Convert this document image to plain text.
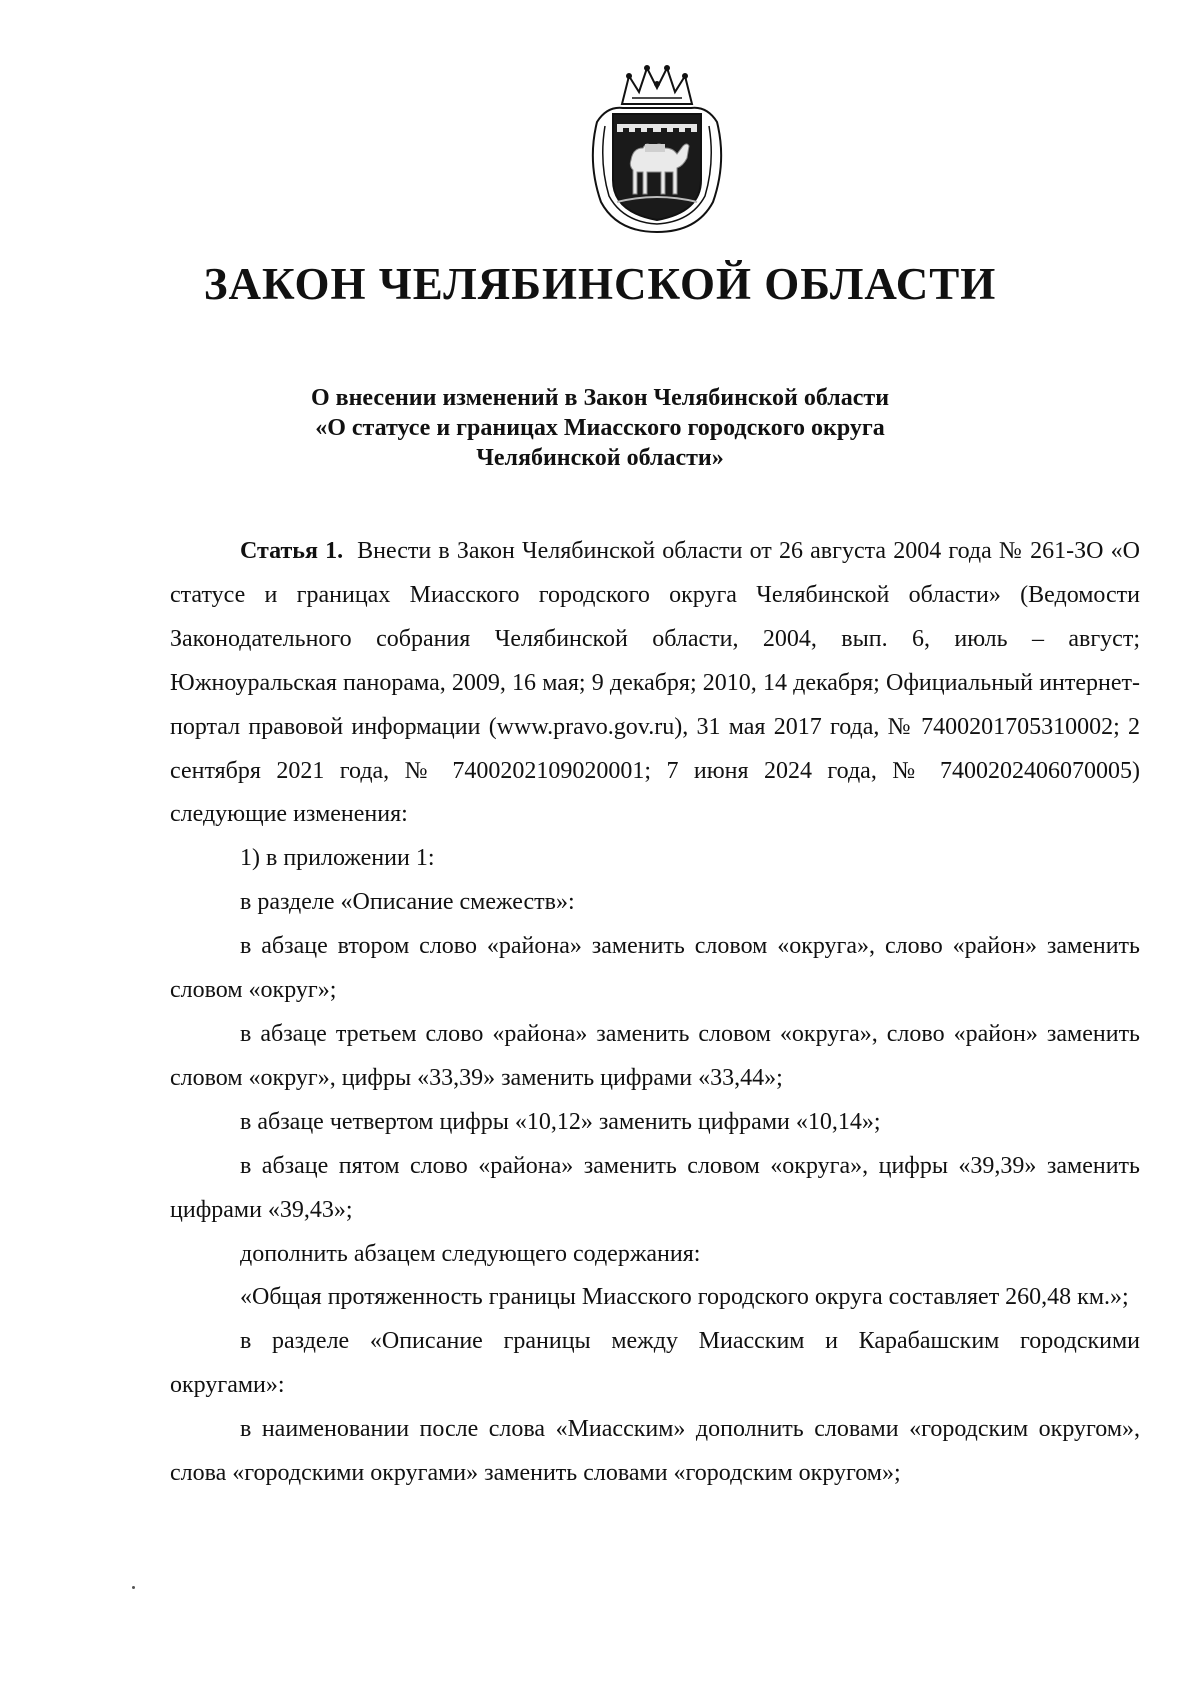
ЗАКОН ЧЕЛЯБИНСКОЙ ОБЛАСТИ
О внесении изменений в Закон Челябинской области
«О статусе и границах Миасского городского округа
Челябинской области»

Статья 1. Внести в Закон Челябинской области от 26 августа 2004 года № 261-ЗО «О статусе и границах Миасского городского округа Челябинской области» (Ведомости Законодательного собрания Челябинской области, 2004, вып. 6, июль – август; Южноуральская панорама, 2009, 16 мая; 9 декабря; 2010, 14 декабря; Официальный интернет-портал правовой информации (www.pravo.gov.ru), 31 мая 2017 года, № 7400201705310002; 2 сентября 2021 года, № 7400202109020001; 7 июня 2024 года, № 7400202406070005) следующие изменения:

1) в приложении 1:

в разделе «Описание смежеств»:

в абзаце втором слово «района» заменить словом «округа», слово «район» заменить словом «округ»;

в абзаце третьем слово «района» заменить словом «округа», слово «район» заменить словом «округ», цифры «33,39» заменить цифрами «33,44»;

в абзаце четвертом цифры «10,12» заменить цифрами «10,14»;

в абзаце пятом слово «района» заменить словом «округа», цифры «39,39» заменить цифрами «39,43»;

дополнить абзацем следующего содержания:

«Общая протяженность границы Миасского городского округа составляет 260,48 км.»;

в разделе «Описание границы между Миасским и Карабашским городскими округами»:

в наименовании после слова «Миасским» дополнить словами «городским округом», слова «городскими округами» заменить словами «городским округом»;
